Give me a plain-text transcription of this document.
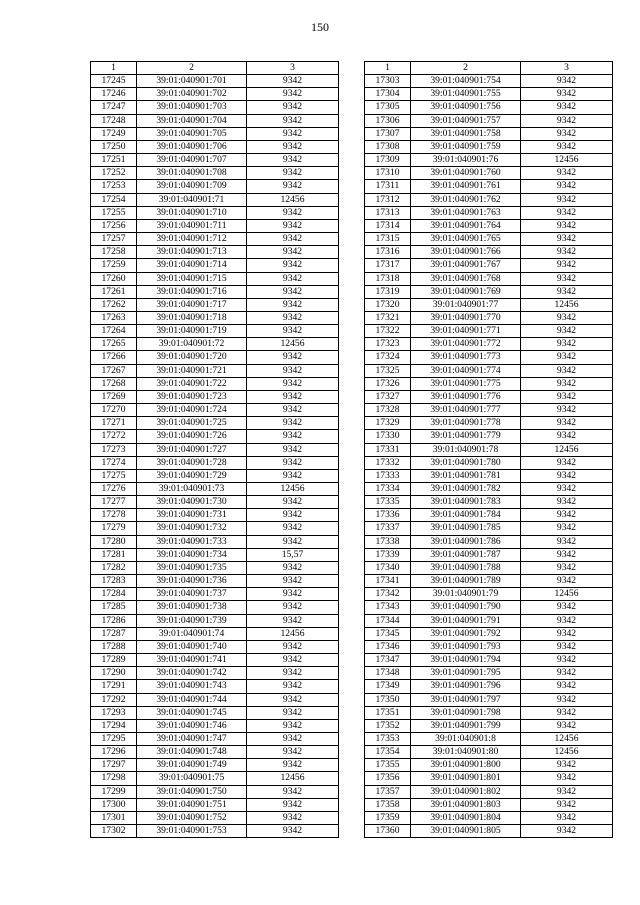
150
1	2	3
17245	39:01:040901:701	9342
17246	39:01:040901:702	9342
17247	39:01:040901:703	9342
17248	39:01:040901:704	9342
17249	39:01:040901:705	9342
17250	39:01:040901:706	9342
17251	39:01:040901:707	9342
17252	39:01:040901:708	9342
17253	39:01:040901:709	9342
17254	39:01:040901:71	12456
17255	39:01:040901:710	9342
17256	39:01:040901:711	9342
17257	39:01:040901:712	9342
17258	39:01:040901:713	9342
17259	39:01:040901:714	9342
17260	39:01:040901:715	9342
17261	39:01:040901:716	9342
17262	39:01:040901:717	9342
17263	39:01:040901:718	9342
17264	39:01:040901:719	9342
17265	39:01:040901:72	12456
17266	39:01:040901:720	9342
17267	39:01:040901:721	9342
17268	39:01:040901:722	9342
17269	39:01:040901:723	9342
17270	39:01:040901:724	9342
17271	39:01:040901:725	9342
17272	39:01:040901:726	9342
17273	39:01:040901:727	9342
17274	39:01:040901:728	9342
17275	39:01:040901:729	9342
17276	39:01:040901:73	12456
17277	39:01:040901:730	9342
17278	39:01:040901:731	9342
17279	39:01:040901:732	9342
17280	39:01:040901:733	9342
17281	39:01:040901:734	15,57
17282	39:01:040901:735	9342
17283	39:01:040901:736	9342
17284	39:01:040901:737	9342
17285	39:01:040901:738	9342
17286	39:01:040901:739	9342
17287	39:01:040901:74	12456
17288	39:01:040901:740	9342
17289	39:01:040901:741	9342
17290	39:01:040901:742	9342
17291	39:01:040901:743	9342
17292	39:01:040901:744	9342
17293	39:01:040901:745	9342
17294	39:01:040901:746	9342
17295	39:01:040901:747	9342
17296	39:01:040901:748	9342
17297	39:01:040901:749	9342
17298	39:01:040901:75	12456
17299	39:01:040901:750	9342
17300	39:01:040901:751	9342
17301	39:01:040901:752	9342
17302	39:01:040901:753	9342
1	2	3
17303	39:01:040901:754	9342
17304	39:01:040901:755	9342
17305	39:01:040901:756	9342
17306	39:01:040901:757	9342
17307	39:01:040901:758	9342
17308	39:01:040901:759	9342
17309	39:01:040901:76	12456
17310	39:01:040901:760	9342
17311	39:01:040901:761	9342
17312	39:01:040901:762	9342
17313	39:01:040901:763	9342
17314	39:01:040901:764	9342
17315	39:01:040901:765	9342
17316	39:01:040901:766	9342
17317	39:01:040901:767	9342
17318	39:01:040901:768	9342
17319	39:01:040901:769	9342
17320	39:01:040901:77	12456
17321	39:01:040901:770	9342
17322	39:01:040901:771	9342
17323	39:01:040901:772	9342
17324	39:01:040901:773	9342
17325	39:01:040901:774	9342
17326	39:01:040901:775	9342
17327	39:01:040901:776	9342
17328	39:01:040901:777	9342
17329	39:01:040901:778	9342
17330	39:01:040901:779	9342
17331	39:01:040901:78	12456
17332	39:01:040901:780	9342
17333	39:01:040901:781	9342
17334	39:01:040901:782	9342
17335	39:01:040901:783	9342
17336	39:01:040901:784	9342
17337	39:01:040901:785	9342
17338	39:01:040901:786	9342
17339	39:01:040901:787	9342
17340	39:01:040901:788	9342
17341	39:01:040901:789	9342
17342	39:01:040901:79	12456
17343	39:01:040901:790	9342
17344	39:01:040901:791	9342
17345	39:01:040901:792	9342
17346	39:01:040901:793	9342
17347	39:01:040901:794	9342
17348	39:01:040901:795	9342
17349	39:01:040901:796	9342
17350	39:01:040901:797	9342
17351	39:01:040901:798	9342
17352	39:01:040901:799	9342
17353	39:01:040901:8	12456
17354	39:01:040901:80	12456
17355	39:01:040901:800	9342
17356	39:01:040901:801	9342
17357	39:01:040901:802	9342
17358	39:01:040901:803	9342
17359	39:01:040901:804	9342
17360	39:01:040901:805	9342
